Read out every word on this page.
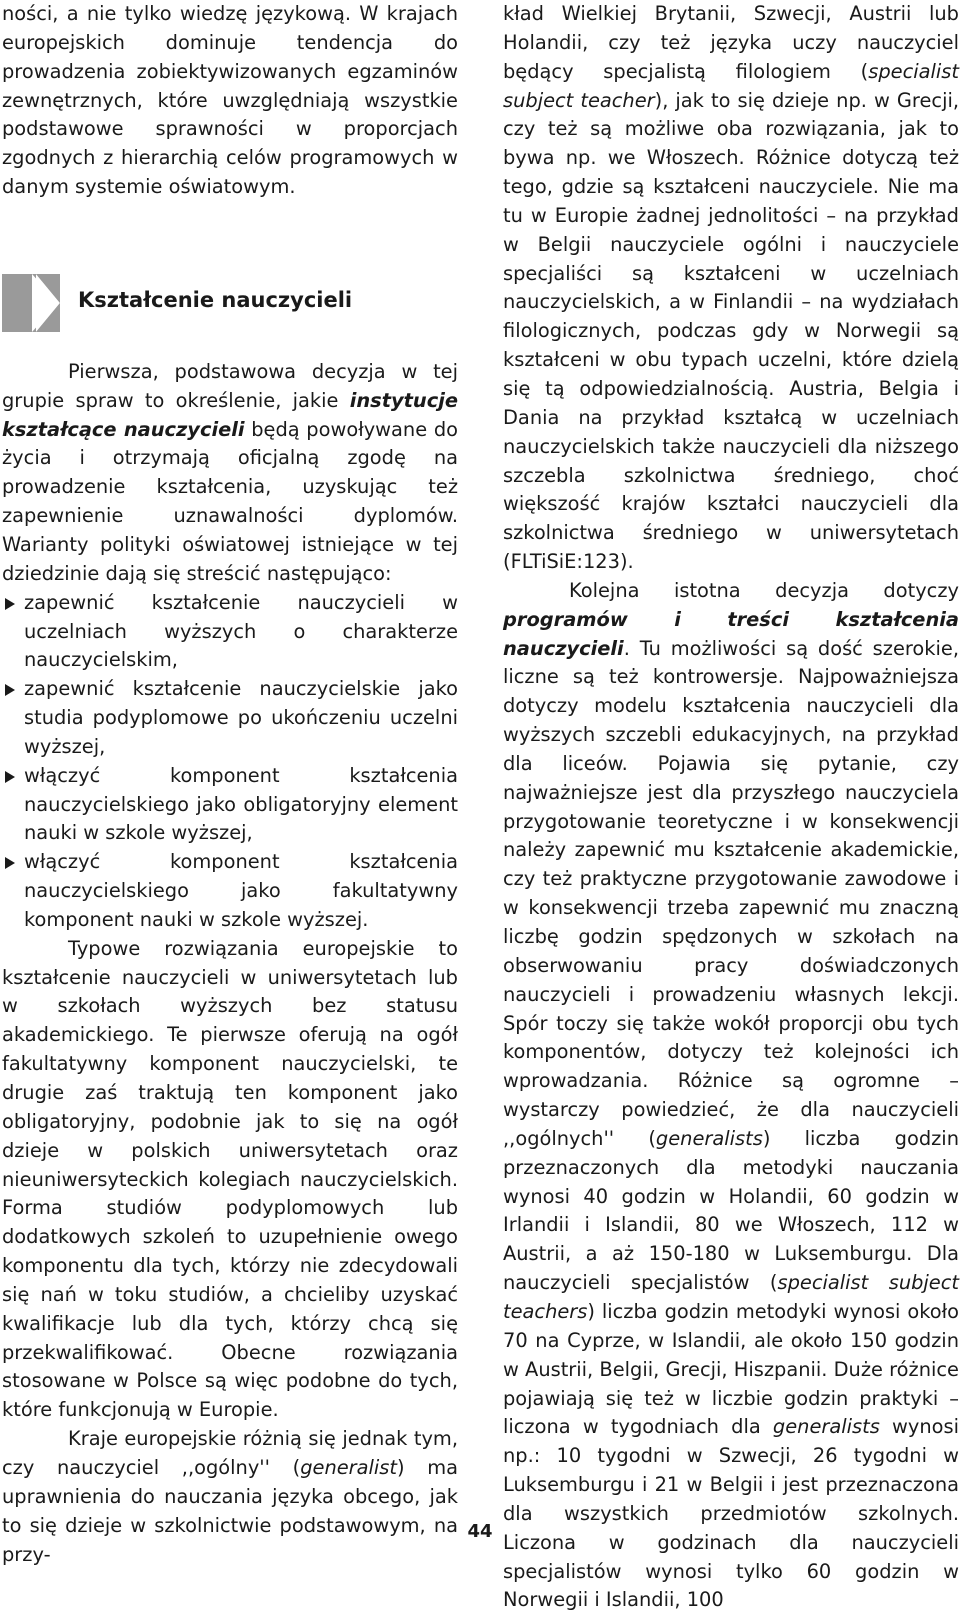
ności, a nie tylko wiedzę językową. W krajach europejskich dominuje tendencja do prowadzenia zobiektywizowanych egzaminów zewnętrznych, które uwzględniają wszystkie podstawowe sprawności w proporcjach zgodnych z hierarchią celów programowych w danym systemie oświatowym.

Kształcenie nauczycieli

Pierwsza, podstawowa decyzja w tej grupie spraw to określenie, jakie instytucje kształcące nauczycieli będą powoływane do życia i otrzymają oficjalną zgodę na prowadzenie kształcenia, uzyskując też zapewnienie uznawalności dyplomów. Warianty polityki oświatowej istniejące w tej dziedzinie dają się streścić następująco:

zapewnić kształcenie nauczycieli w uczelniach wyższych o charakterze nauczycielskim,
zapewnić kształcenie nauczycielskie jako studia podyplomowe po ukończeniu uczelni wyższej,
włączyć komponent kształcenia nauczycielskiego jako obligatoryjny element nauki w szkole wyższej,
włączyć komponent kształcenia nauczycielskiego jako fakultatywny komponent nauki w szkole wyższej.

Typowe rozwiązania europejskie to kształcenie nauczycieli w uniwersytetach lub w szkołach wyższych bez statusu akademickiego. Te pierwsze oferują na ogół fakultatywny komponent nauczycielski, te drugie zaś traktują ten komponent jako obligatoryjny, podobnie jak to się na ogół dzieje w polskich uniwersytetach oraz nieuniwersyteckich kolegiach nauczycielskich. Forma studiów podyplomowych lub dodatkowych szkoleń to uzupełnienie owego komponentu dla tych, którzy nie zdecydowali się nań w toku studiów, a chcieliby uzyskać kwalifikacje lub dla tych, którzy chcą się przekwalifikować. Obecne rozwiązania stosowane w Polsce są więc podobne do tych, które funkcjonują w Europie.

Kraje europejskie różnią się jednak tym, czy nauczyciel ,,ogólny'' (generalist) ma uprawnienia do nauczania języka obcego, jak to się dzieje w szkolnictwie podstawowym, na przy-

kład Wielkiej Brytanii, Szwecji, Austrii lub Holandii, czy też języka uczy nauczyciel będący specjalistą filologiem (specialist subject teacher), jak to się dzieje np. w Grecji, czy też są możliwe oba rozwiązania, jak to bywa np. we Włoszech. Różnice dotyczą też tego, gdzie są kształceni nauczyciele. Nie ma tu w Europie żadnej jednolitości – na przykład w Belgii nauczyciele ogólni i nauczyciele specjaliści są kształceni w uczelniach nauczycielskich, a w Finlandii – na wydziałach filologicznych, podczas gdy w Norwegii są kształceni w obu typach uczelni, które dzielą się tą odpowiedzialnością. Austria, Belgia i Dania na przykład kształcą w uczelniach nauczycielskich także nauczycieli dla niższego szczebla szkolnictwa średniego, choć większość krajów kształci nauczycieli dla szkolnictwa średniego w uniwersytetach (FLTiSiE:123).

Kolejna istotna decyzja dotyczy programów i treści kształcenia nauczycieli. Tu możliwości są dość szerokie, liczne są też kontrowersje. Najpoważniejsza dotyczy modelu kształcenia nauczycieli dla wyższych szczebli edukacyjnych, na przykład dla liceów. Pojawia się pytanie, czy najważniejsze jest dla przyszłego nauczyciela przygotowanie teoretyczne i w konsekwencji należy zapewnić mu kształcenie akademickie, czy też praktyczne przygotowanie zawodowe i w konsekwencji trzeba zapewnić mu znaczną liczbę godzin spędzonych w szkołach na obserwowaniu pracy doświadczonych nauczycieli i prowadzeniu własnych lekcji. Spór toczy się także wokół proporcji obu tych komponentów, dotyczy też kolejności ich wprowadzania. Różnice są ogromne – wystarczy powiedzieć, że dla nauczycieli ,,ogólnych'' (generalists) liczba godzin przeznaczonych dla metodyki nauczania wynosi 40 godzin w Holandii, 60 godzin w Irlandii i Islandii, 80 we Włoszech, 112 w Austrii, a aż 150-180 w Luksemburgu. Dla nauczycieli specjalistów (specialist subject teachers) liczba godzin metodyki wynosi około 70 na Cyprze, w Islandii, ale około 150 godzin w Austrii, Belgii, Grecji, Hiszpanii. Duże różnice pojawiają się też w liczbie godzin praktyki – liczona w tygodniach dla generalists wynosi np.: 10 tygodni w Szwecji, 26 tygodni w Luksemburgu i 21 w Belgii i jest przeznaczona dla wszystkich przedmiotów szkolnych. Liczona w godzinach dla nauczycieli specjalistów wynosi tylko 60 godzin w Norwegii i Islandii, 100

44
